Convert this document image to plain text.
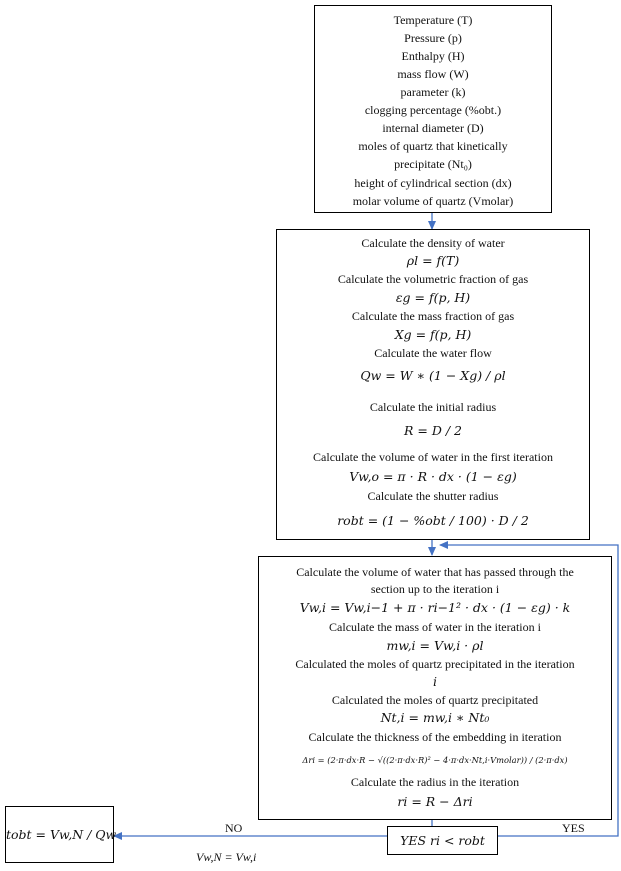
Temperature (T)
Pressure (p)
Enthalpy (H)
mass flow (W)
parameter (k)
clogging percentage (%obt.)
internal diameter (D)
moles of quartz that kinetically
precipitate (Nt₀)
height of cylindrical section (dx)
molar volume of quartz (Vmolar)
Calculate the density of water
ρl = f(T)
Calculate the volumetric fraction of gas
εg = f(p, H)
Calculate the mass fraction of gas
Xg = f(p, H)
Calculate the water flow
Qw = W ∗ (1 − Xg) / ρl
Calculate the initial radius
R = D / 2
Calculate the volume of water in the first iteration
Vw,o = π · R · dx · (1 − εg)
Calculate the shutter radius
robt = (1 − %obt / 100) · D / 2
Calculate the volume of water that has passed through the
section up to the iteration i
Vw,i = Vw,i−1 + π · ri−1² · dx · (1 − εg) · k
Calculate the mass of water in the iteration i
mw,i = Vw,i · ρl
Calculated the moles of quartz precipitated in the iteration
i
Calculated the moles of quartz precipitated
Nt,i = mw,i ∗ Nt₀
Calculate the thickness of the embedding in iteration
Δri = (2·π·dx·R − √((2·π·dx·R)² − 4·π·dx·Nt,i·Vmolar)) / (2·π·dx)
Calculate the radius in the iteration
ri = R − Δri
YES ri < robt
tobt = Vw,N / Qw	NO	YES
Vw,N = Vw,i
